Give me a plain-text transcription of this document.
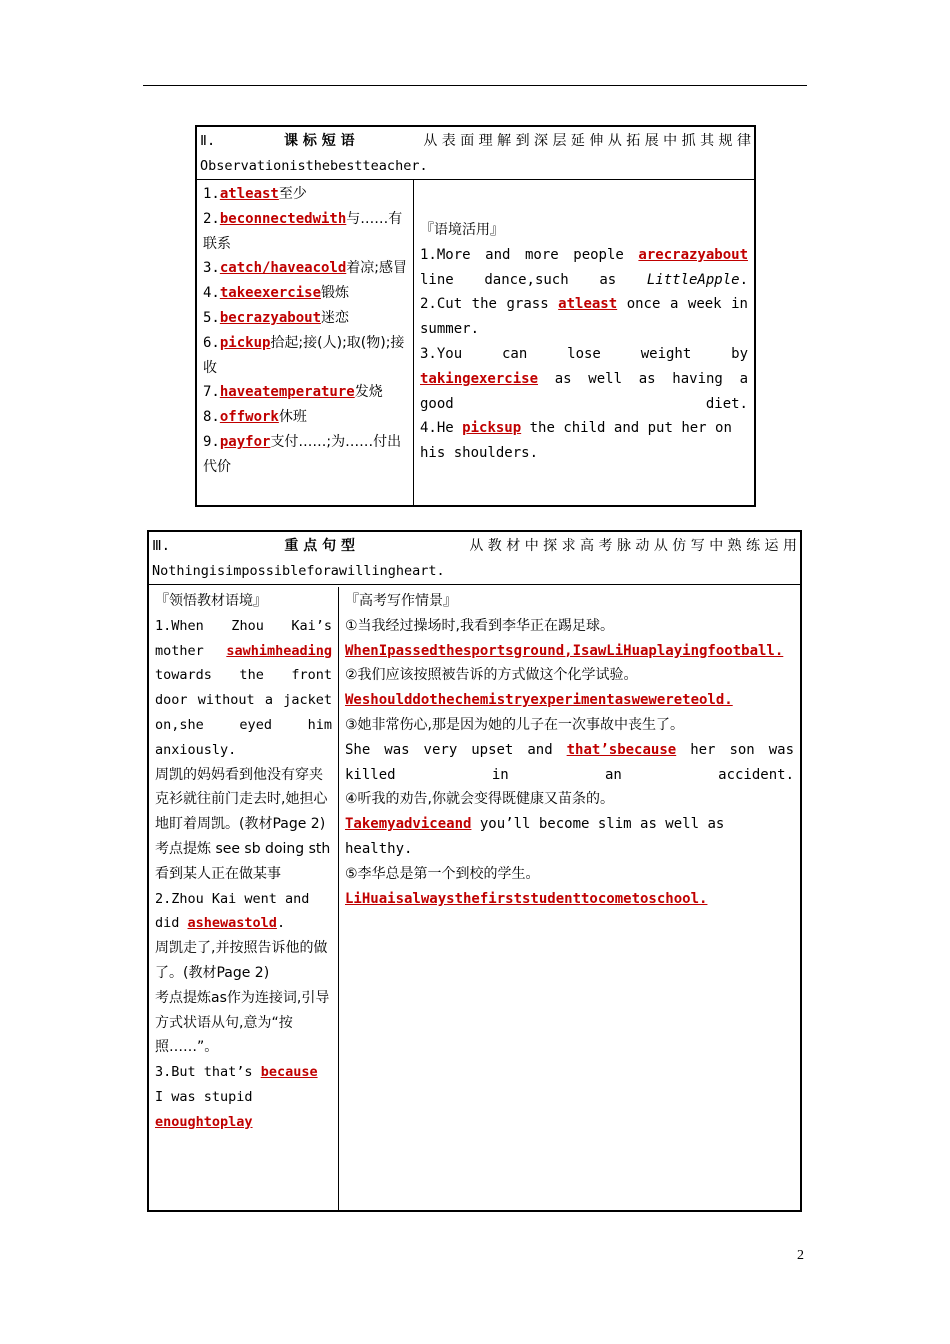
Ⅱ.	课 标 短 语	从 表 面 理 解 到 深 层 延 伸 从 拓 展 中 抓 其 规 律
Observationisthebestteacher.
1.atleast至少
2.beconnectedwith与……有联系
3.catch/haveacold着凉;感冒
4.takeexercise锻炼
5.becrazyabout迷恋
6.pickup拾起;接(人);取(物);接收
7.haveatemperature发烧
8.offwork休班
9.payfor支付……;为……付出代价
『语境活用』
1.More and more people arecrazyabout line dance,such as LittleApple.
2.Cut the grass atleast once a week in summer.
3.You can lose weight by takingexercise as well as having a good diet.
4.He picksup the child and put her on his shoulders.
Ⅲ.	重 点 句 型	从 教 材 中 探 求 高 考 脉 动 从 仿 写 中 熟 练 运 用
Nothingisimpossibleforawillingheart.
『领悟教材语境』
1.When Zhou Kai’s mother sawhimheading towards the front door without a jacket on,she eyed him anxiously.
周凯的妈妈看到他没有穿夹克衫就往前门走去时,她担心地盯着周凯。(教材Page 2)
考点提炼 see sb doing sth 看到某人正在做某事
2.Zhou Kai went and did ashewastold.
周凯走了,并按照告诉他的做了。(教材Page 2)
考点提炼as作为连接词,引导方式状语从句,意为“按照……”。
3.But that’s because I was stupid enoughtoplay
『高考写作情景』
①当我经过操场时,我看到李华正在踢足球。
WhenIpassedthesportsground,IsawLiHuaplayingfootball.
②我们应该按照被告诉的方式做这个化学试验。
Weshoulddothechemistryexperimentaswewereteold.
③她非常伤心,那是因为她的儿子在一次事故中丧生了。
She was very upset and that’sbecause her son was killed in an accident.
④听我的劝告,你就会变得既健康又苗条的。
Takemyadviceand you’ll become slim as well as healthy.
⑤李华总是第一个到校的学生。
LiHuaisalwaysthefirststudenttocometoschool.
2
